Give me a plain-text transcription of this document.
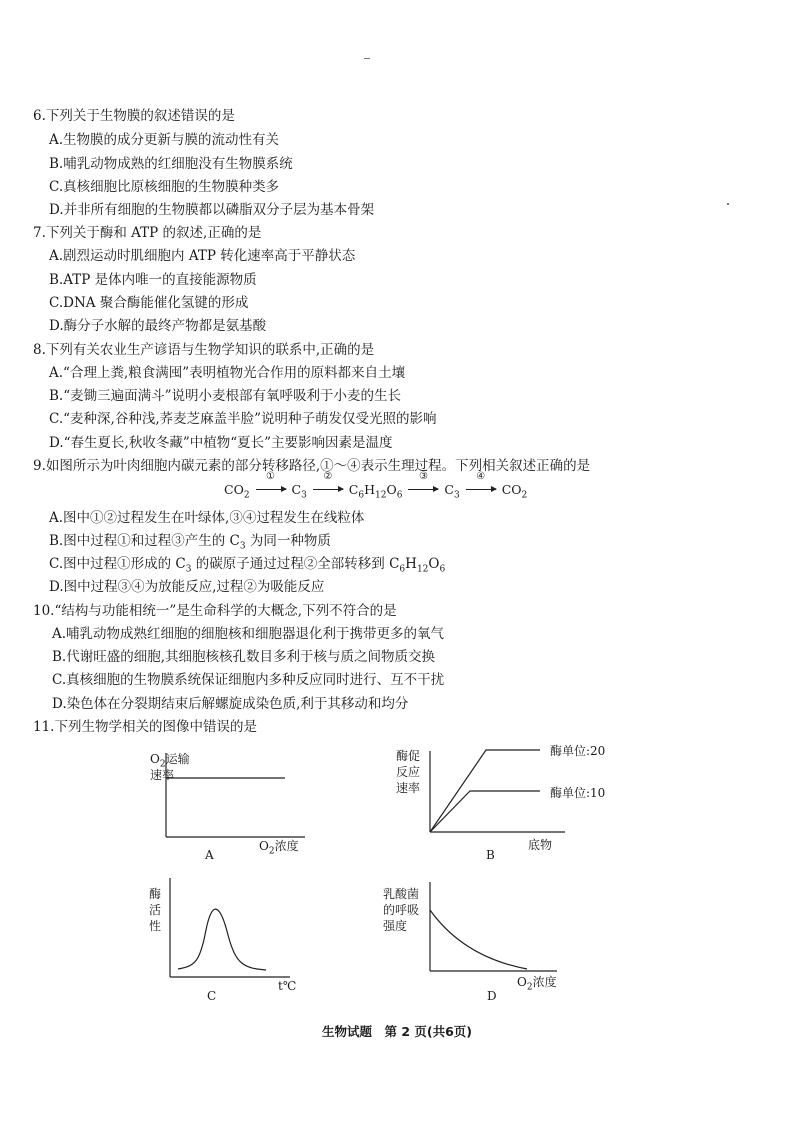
6.下列关于生物膜的叙述错误的是
A.生物膜的成分更新与膜的流动性有关
B.哺乳动物成熟的红细胞没有生物膜系统
C.真核细胞比原核细胞的生物膜种类多
D.并非所有细胞的生物膜都以磷脂双分子层为基本骨架
7.下列关于酶和 ATP 的叙述,正确的是
A.剧烈运动时肌细胞内 ATP 转化速率高于平静状态
B.ATP 是体内唯一的直接能源物质
C.DNA 聚合酶能催化氢键的形成
D.酶分子水解的最终产物都是氨基酸
8.下列有关农业生产谚语与生物学知识的联系中,正确的是
A.“合理上粪,粮食满囤”表明植物光合作用的原料都来自土壤
B.“麦锄三遍面满斗”说明小麦根部有氧呼吸利于小麦的生长
C.“麦种深,谷种浅,荞麦芝麻盖半脸”说明种子萌发仅受光照的影响
D.“春生夏长,秋收冬藏”中植物“夏长”主要影响因素是温度
9.如图所示为叶肉细胞内碳元素的部分转移路径,①～④表示生理过程。下列相关叙述正确的是
$CO_2$
①
$C_3$
②
$C_6H_{12}O_6$
③
$C_3$
④
$CO_2$
A.图中①②过程发生在叶绿体,③④过程发生在线粒体
B.图中过程①和过程③产生的 $C_3$ 为同一种物质
C.图中过程①形成的 $C_3$ 的碳原子通过过程②全部转移到 $C_6H_{12}O_6$
D.图中过程③④为放能反应,过程②为吸能反应
10.“结构与功能相统一”是生命科学的大概念,下列不符合的是
A.哺乳动物成熟红细胞的细胞核和细胞器退化利于携带更多的氧气
B.代谢旺盛的细胞,其细胞核核孔数目多利于核与质之间物质交换
C.真核细胞的生物膜系统保证细胞内多种反应同时进行、互不干扰
D.染色体在分裂期结束后解螺旋成染色质,利于其移动和均分
11.下列生物学相关的图像中错误的是
$O_2$运输
速率
$O_2$浓度
A
酶促反应速率
酶单位:20
酶单位:10
底物
B
酶活性
t℃
C
乳酸菌
的呼吸
强度
$O_2$浓度
D
生物试题　第 2 页(共6页)
